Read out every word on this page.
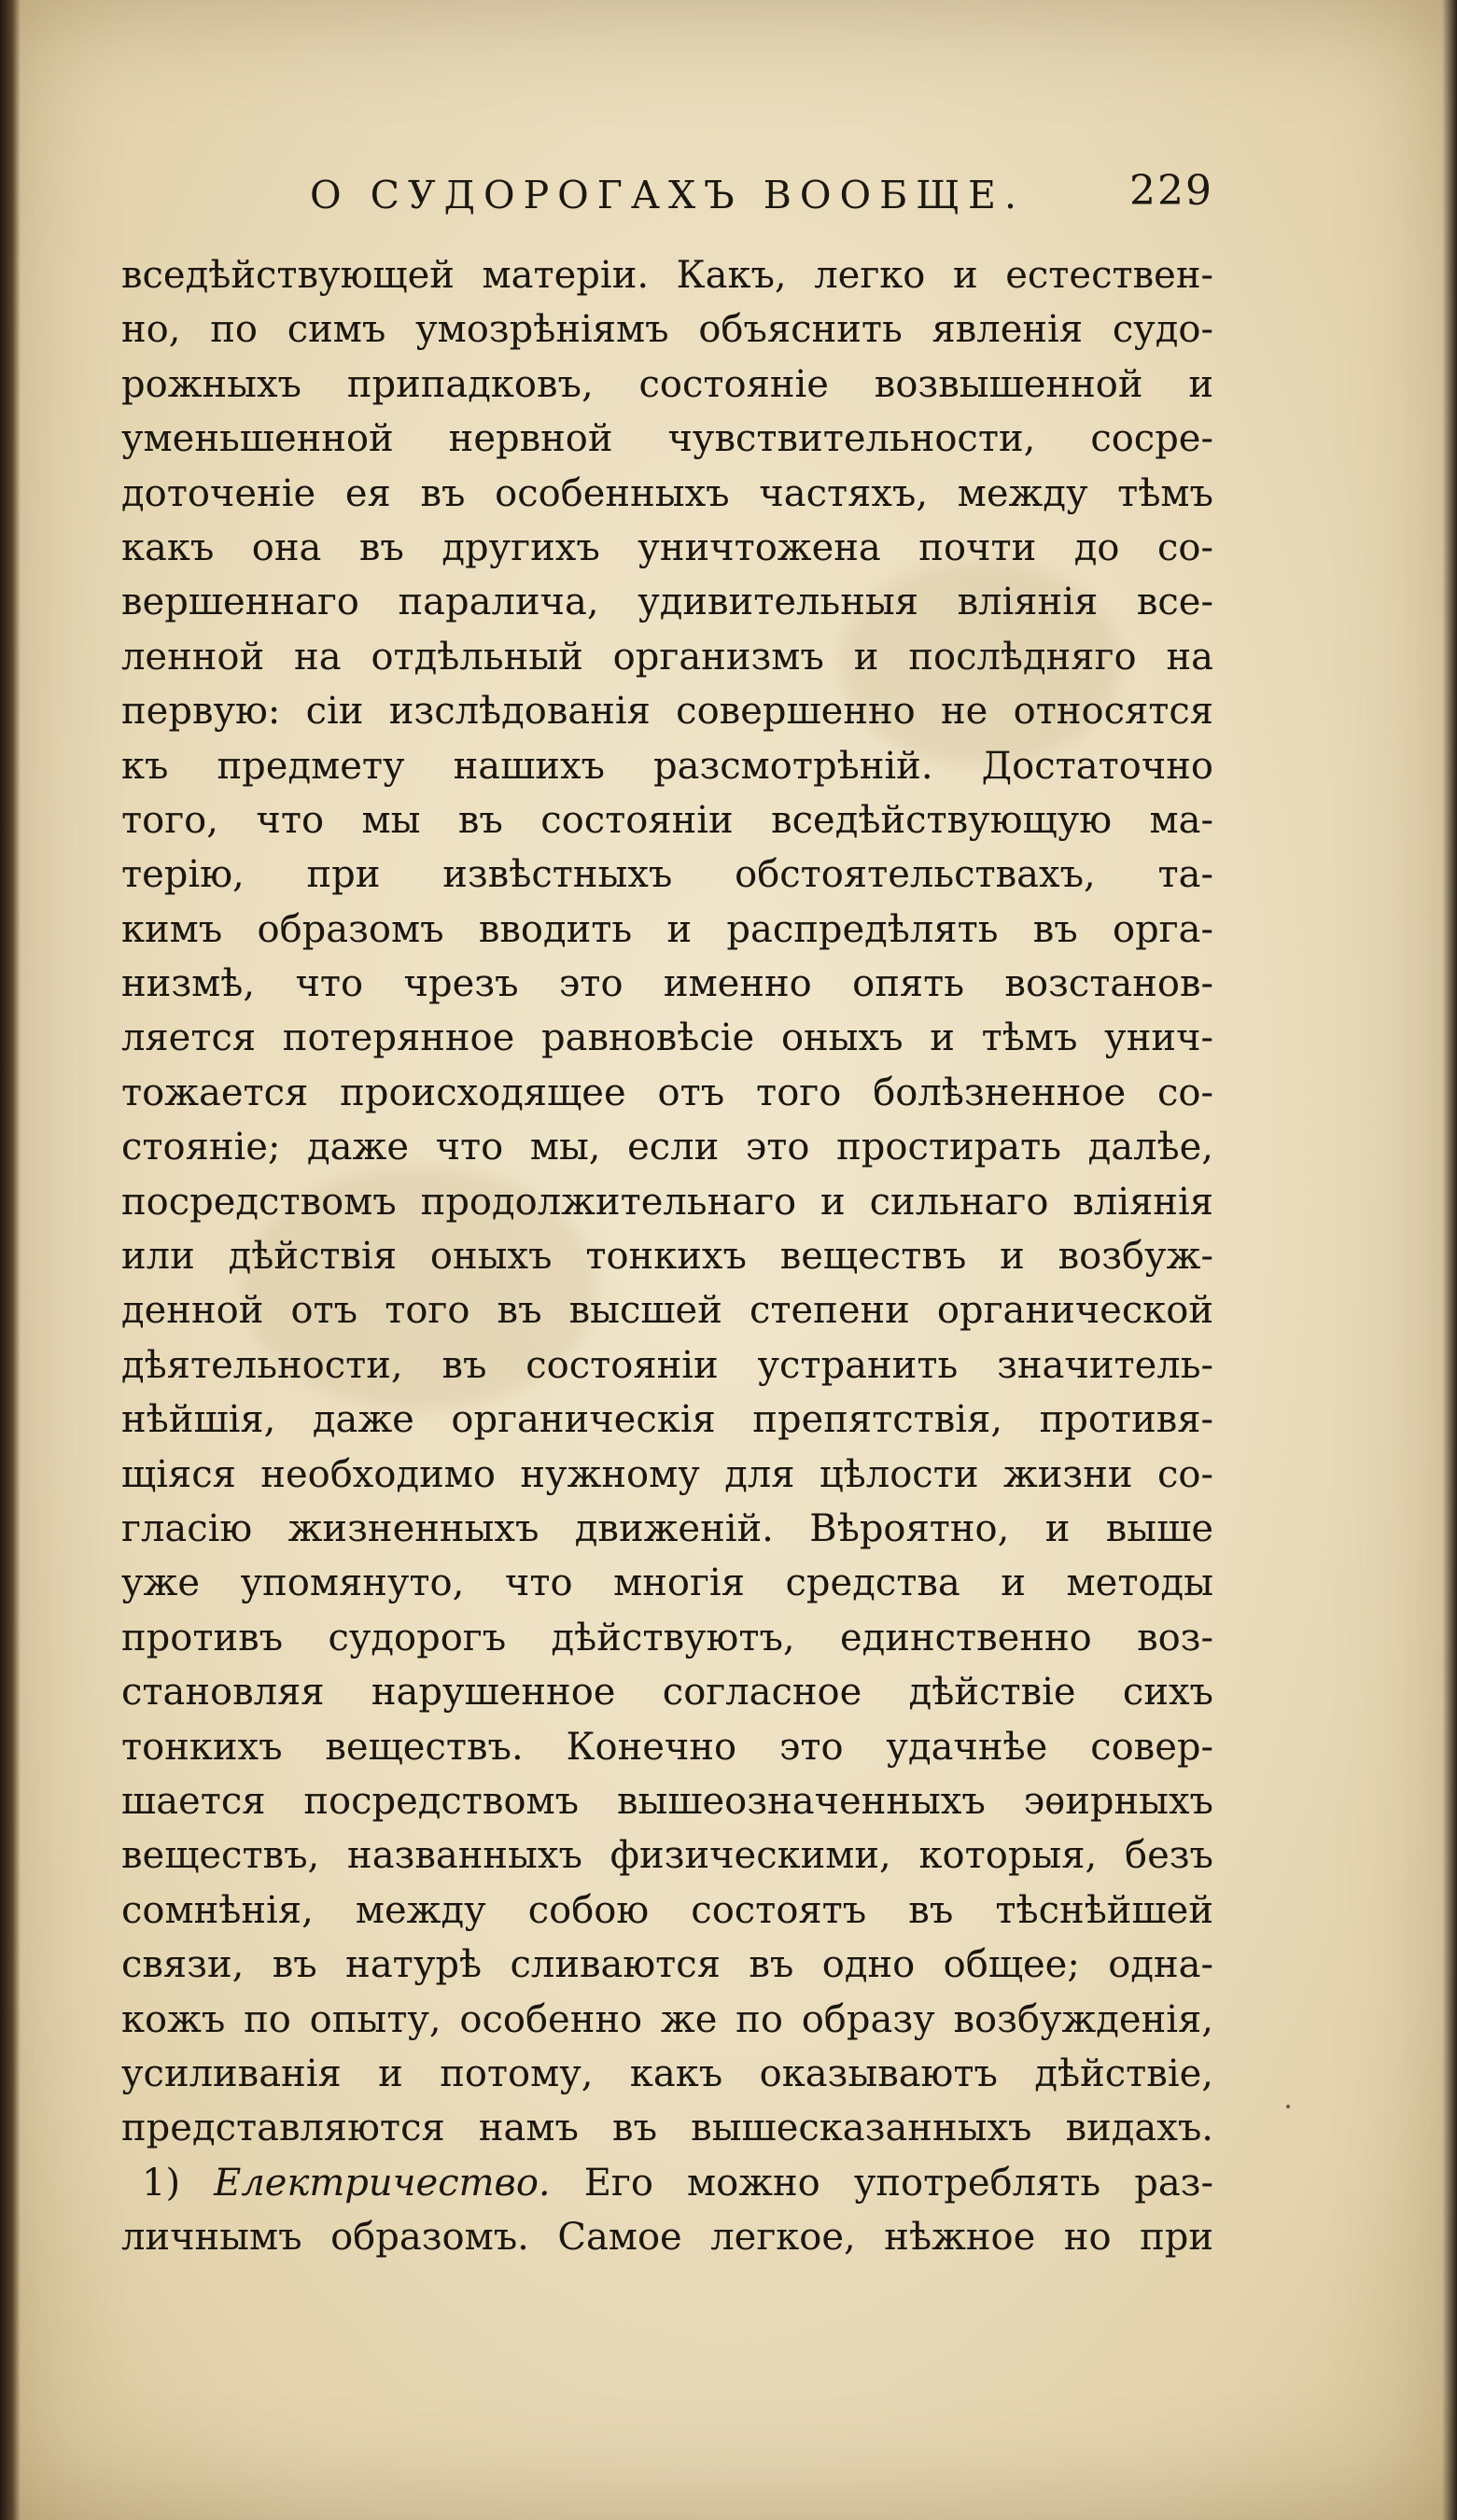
О СУДОРОГАХЪ ВООБЩЕ.	229
вседѣйствующей матеріи. Какъ, легко и естествен-
но, по симъ умозрѣніямъ объяснить явленія судо-
рожныхъ припадковъ, состояніе возвышенной и
уменьшенной нервной чувствительности, сосре-
доточеніе ея въ особенныхъ частяхъ, между тѣмъ
какъ она въ другихъ уничтожена почти до со-
вершеннаго паралича, удивительныя вліянія все-
ленной на отдѣльный организмъ и послѣдняго на
первую: сіи изслѣдованія совершенно не относятся
къ предмету нашихъ разсмотрѣній. Достаточно
того, что мы въ состояніи вседѣйствующую ма-
терію, при извѣстныхъ обстоятельствахъ, та-
кимъ образомъ вводить и распредѣлять въ орга-
низмѣ, что чрезъ это именно опять возстанов-
ляется потерянное равновѣсіе оныхъ и тѣмъ унич-
тожается происходящее отъ того болѣзненное со-
стояніе; даже что мы, если это простирать далѣе,
посредствомъ продолжительнаго и сильнаго вліянія
или дѣйствія оныхъ тонкихъ веществъ и возбуж-
денной отъ того въ высшей степени органической
дѣятельности, въ состояніи устранить значитель-
нѣйшія, даже органическія препятствія, противя-
щіяся необходимо нужному для цѣлости жизни со-
гласію жизненныхъ движеній. Вѣроятно, и выше
уже упомянуто, что многія средства и методы
противъ судорогъ дѣйствуютъ, единственно воз-
становляя нарушенное согласное дѣйствіе сихъ
тонкихъ веществъ. Конечно это удачнѣе совер-
шается посредствомъ вышеозначенныхъ эѳирныхъ
веществъ, названныхъ физическими, которыя, безъ
сомнѣнія, между собою состоятъ въ тѣснѣйшей
связи, въ натурѣ сливаются въ одно общее; одна-
кожъ по опыту, особенно же по образу возбужденія,
усиливанія и потому, какъ оказываютъ дѣйствіе,
представляются намъ въ вышесказанныхъ видахъ.
1) Електричество. Его можно употреблять раз-
личнымъ образомъ. Самое легкое, нѣжное но при
